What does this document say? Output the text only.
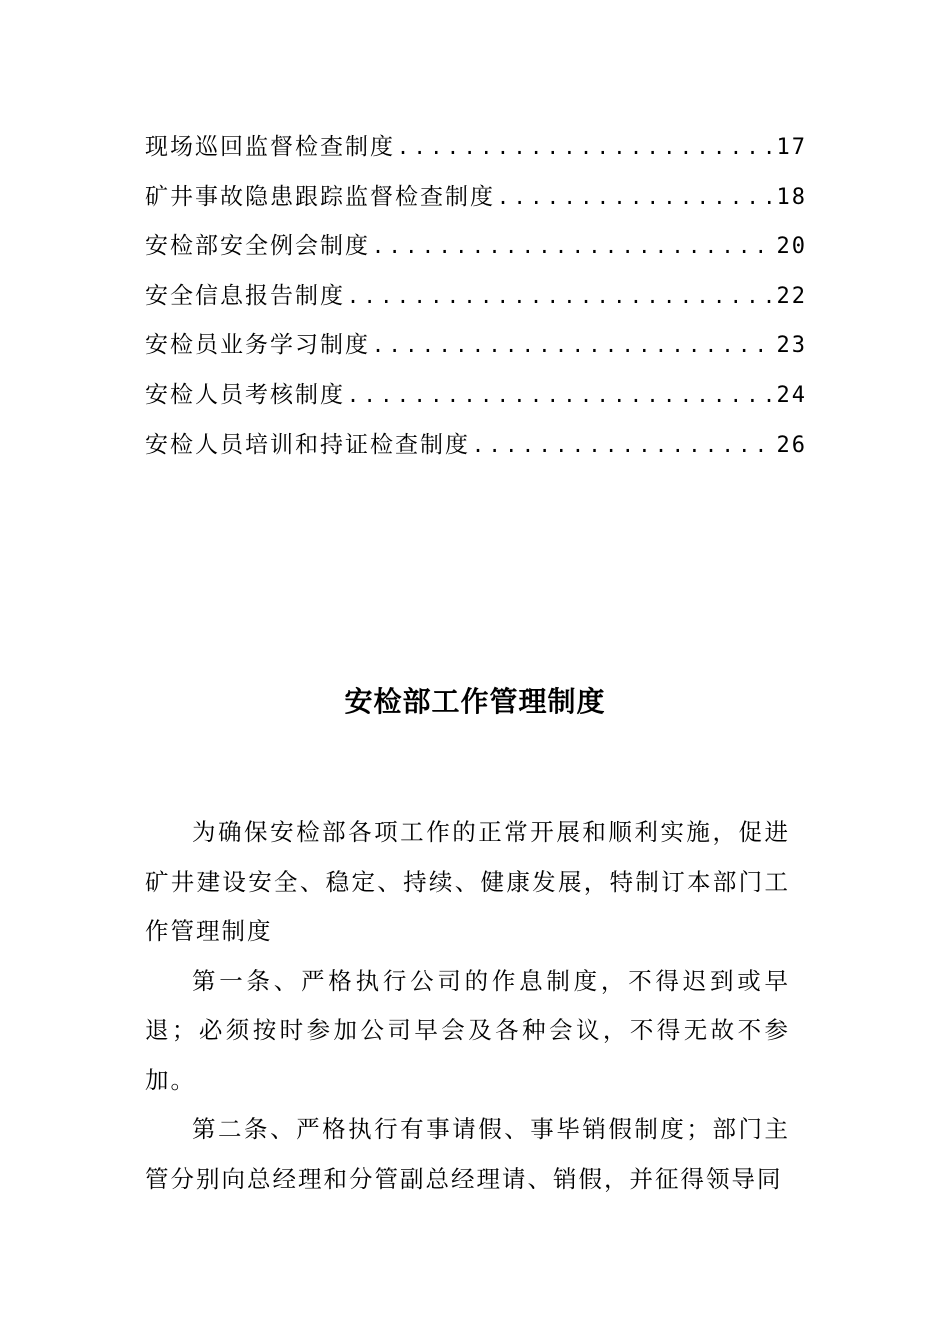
现场巡回监督检查制度 .....	17
矿井事故隐患跟踪监督检查制度 .....	18
安检部安全例会制度 .....	20
安全信息报告制度 .....	22
安检员业务学习制度 .....	23
安检人员考核制度 .....	24
安检人员培训和持证检查制度 .....	26
安检部工作管理制度

为确保安检部各项工作的正常开展和顺利实施，促进矿井建设安全、稳定、持续、健康发展，特制订本部门工作管理制度

第一条、严格执行公司的作息制度，不得迟到或早退；必须按时参加公司早会及各种会议，不得无故不参加。

第二条、严格执行有事请假、事毕销假制度；部门主管分别向总经理和分管副总经理请、销假，并征得领导同
